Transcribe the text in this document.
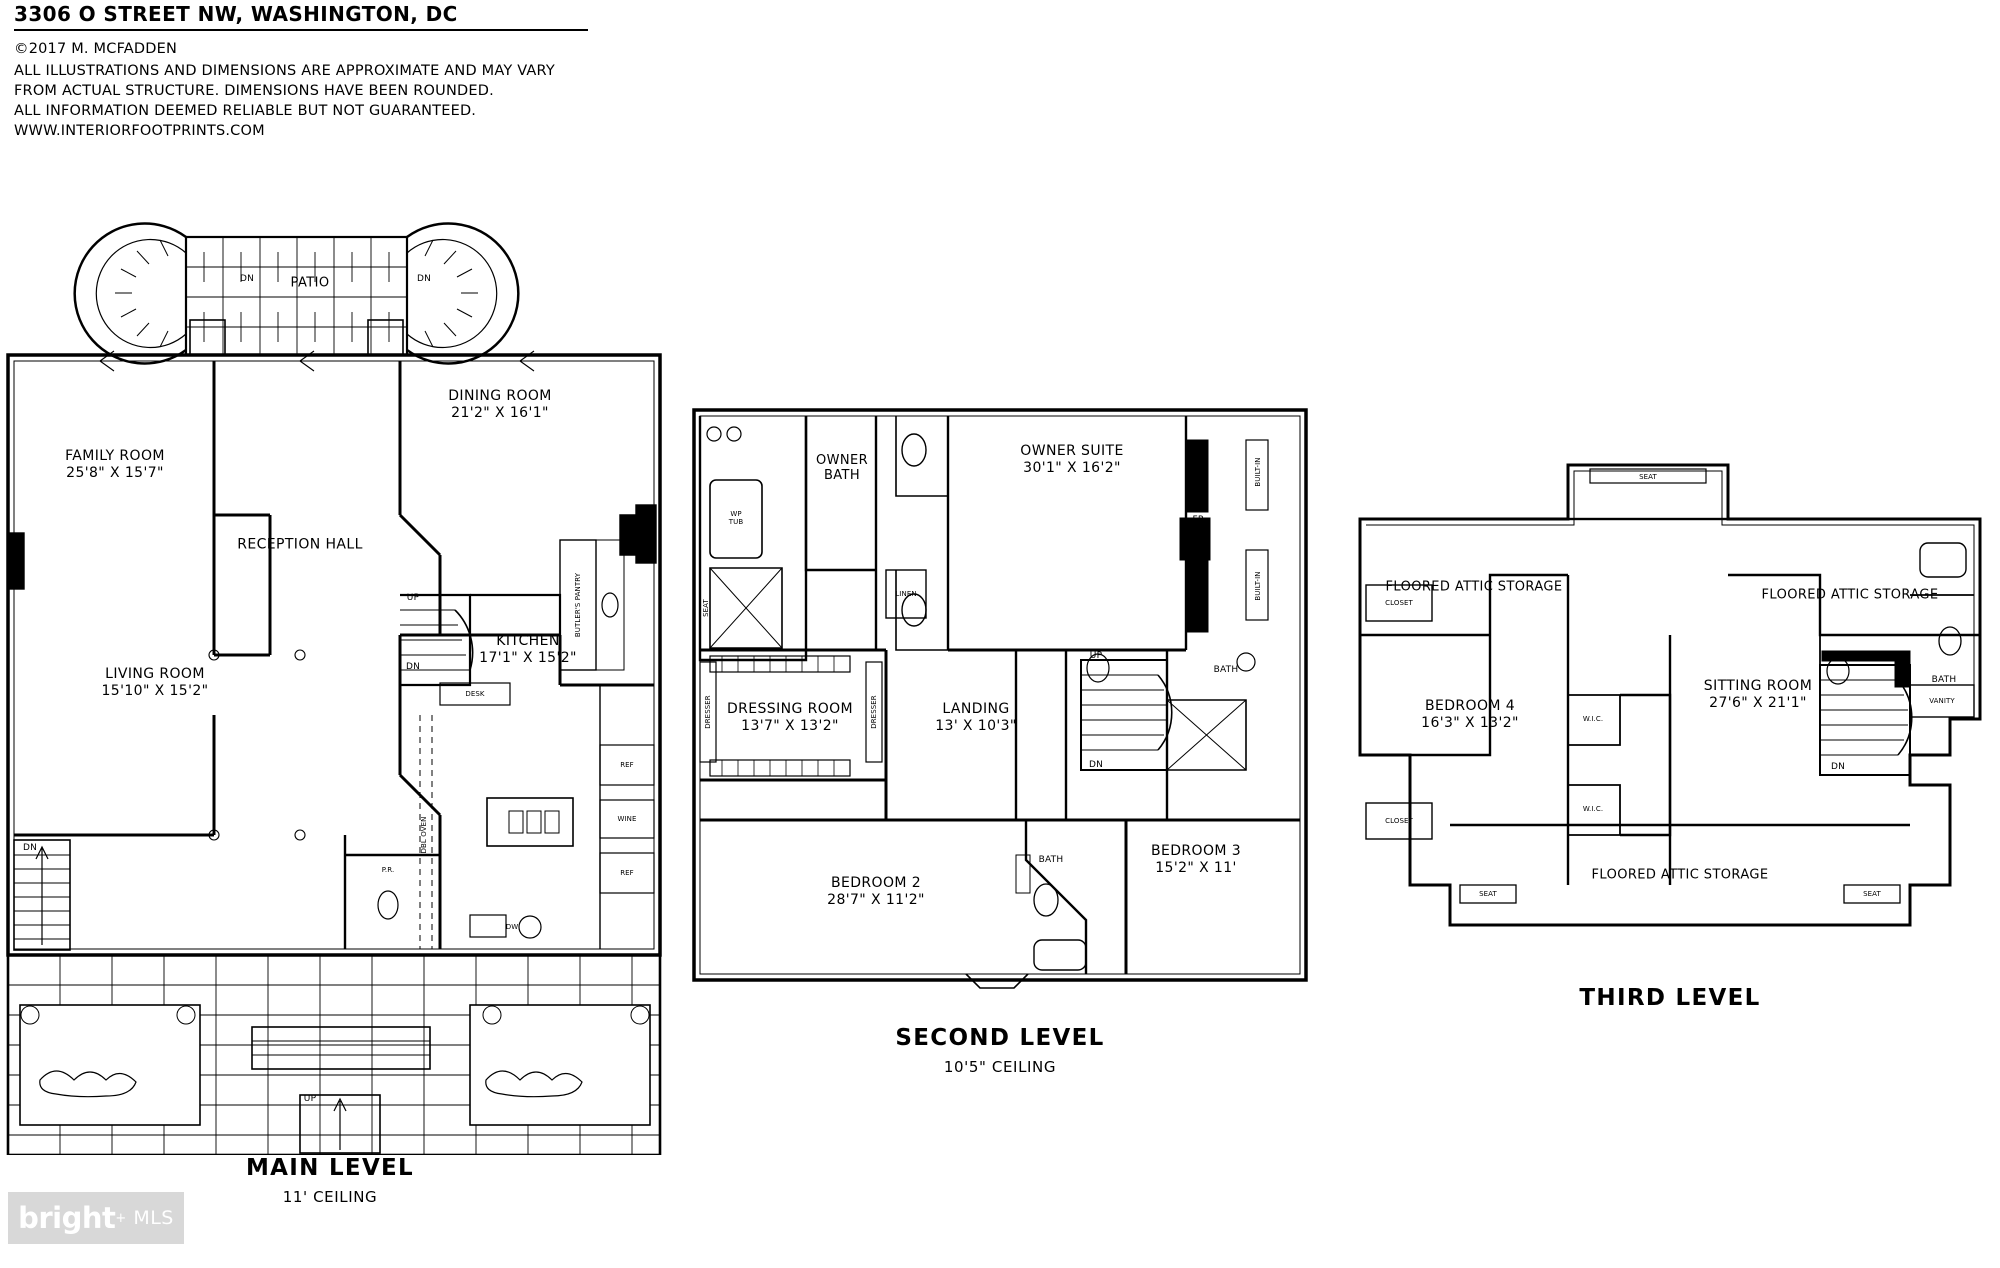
3306 O STREET NW, WASHINGTON, DC
©2017 M. MCFADDEN
ALL ILLUSTRATIONS AND DIMENSIONS ARE APPROXIMATE AND MAY VARY
FROM ACTUAL STRUCTURE. DIMENSIONS HAVE BEEN ROUNDED.
ALL INFORMATION DEEMED RELIABLE BUT NOT GUARANTEED.
WWW.INTERIORFOOTPRINTS.COM
DN	DN
PATIO
DINING ROOM
21'2" X 16'1"
FAMILY ROOM
25'8" X 15'7"
RECEPTION HALL
LIVING ROOM
15'10" X 15'2"
KITCHEN
17'1" X 15'2"
FP
FP
UP
DN
BUTLER'S PANTRY
DESK
REF
WINE
REF
P.R.
DBL OVEN
DW
DN
UP
MAIN LEVEL
11' CEILING
OWNER SUITE
30'1" X 16'2"
OWNER
BATH
DRESSING ROOM
13'7" X 13'2"
LANDING
13' X 10'3"
BEDROOM 2
28'7" X 11'2"
BEDROOM 3
15'2" X 11'
WP
TUB
SEAT
DRESSER	DRESSER
LINEN
UP
DN
BATH
BATH
FP
BUILT-IN
BUILT-IN
SECOND LEVEL
10'5" CEILING
FLOORED ATTIC STORAGE
FLOORED ATTIC STORAGE
FLOORED ATTIC STORAGE
BEDROOM 4
16'3" X 13'2"
SITTING ROOM
27'6" X 21'1"
SEAT
CLOSET
CLOSET
W.I.C.
W.I.C.
BATH
VANITY
DN
SEAT	SEAT
THIRD LEVEL
bright + MLS
